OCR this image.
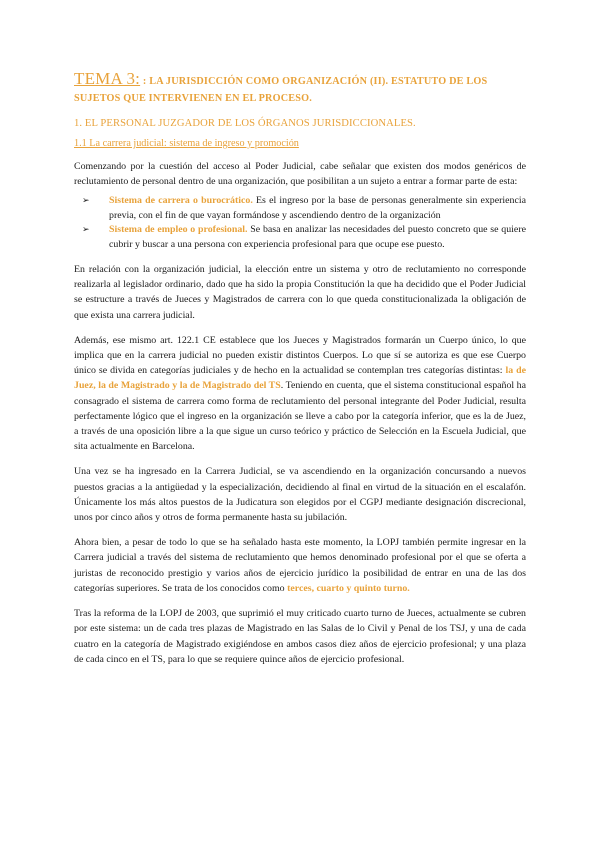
TEMA 3: : LA JURISDICCIÓN COMO ORGANIZACIÓN (II). ESTATUTO DE LOS SUJETOS QUE INTERVIENEN EN EL PROCESO.
1. EL PERSONAL JUZGADOR DE LOS ÓRGANOS JURISDICCIONALES.
1.1 La carrera judicial: sistema de ingreso y promoción

Comenzando por la cuestión del acceso al Poder Judicial, cabe señalar que existen dos modos genéricos de reclutamiento de personal dentro de una organización, que posibilitan a un sujeto a entrar a formar parte de esta:

➢ Sistema de carrera o burocrático. Es el ingreso por la base de personas generalmente sin experiencia previa, con el fin de que vayan formándose y ascendiendo dentro de la organización
➢ Sistema de empleo o profesional. Se basa en analizar las necesidades del puesto concreto que se quiere cubrir y buscar a una persona con experiencia profesional para que ocupe ese puesto.

En relación con la organización judicial, la elección entre un sistema y otro de reclutamiento no corresponde realizarla al legislador ordinario, dado que ha sido la propia Constitución la que ha decidido que el Poder Judicial se estructure a través de Jueces y Magistrados de carrera con lo que queda constitucionalizada la obligación de que exista una carrera judicial.

Además, ese mismo art. 122.1 CE establece que los Jueces y Magistrados formarán un Cuerpo único, lo que implica que en la carrera judicial no pueden existir distintos Cuerpos. Lo que sí se autoriza es que ese Cuerpo único se divida en categorías judiciales y de hecho en la actualidad se contemplan tres categorías distintas: la de Juez, la de Magistrado y la de Magistrado del TS. Teniendo en cuenta, que el sistema constitucional español ha consagrado el sistema de carrera como forma de reclutamiento del personal integrante del Poder Judicial, resulta perfectamente lógico que el ingreso en la organización se lleve a cabo por la categoría inferior, que es la de Juez, a través de una oposición libre a la que sigue un curso teórico y práctico de Selección en la Escuela Judicial, que sita actualmente en Barcelona.

Una vez se ha ingresado en la Carrera Judicial, se va ascendiendo en la organización concursando a nuevos puestos gracias a la antigüedad y la especialización, decidiendo al final en virtud de la situación en el escalafón. Únicamente los más altos puestos de la Judicatura son elegidos por el CGPJ mediante designación discrecional, unos por cinco años y otros de forma permanente hasta su jubilación.

Ahora bien, a pesar de todo lo que se ha señalado hasta este momento, la LOPJ también permite ingresar en la Carrera judicial a través del sistema de reclutamiento que hemos denominado profesional por el que se oferta a juristas de reconocido prestigio y varios años de ejercicio jurídico la posibilidad de entrar en una de las dos categorías superiores. Se trata de los conocidos como terces, cuarto y quinto turno.

Tras la reforma de la LOPJ de 2003, que suprimió el muy criticado cuarto turno de Jueces, actualmente se cubren por este sistema: un de cada tres plazas de Magistrado en las Salas de lo Civil y Penal de los TSJ, y una de cada cuatro en la categoría de Magistrado exigiéndose en ambos casos diez años de ejercicio profesional; y una plaza de cada cinco en el TS, para lo que se requiere quince años de ejercicio profesional.
